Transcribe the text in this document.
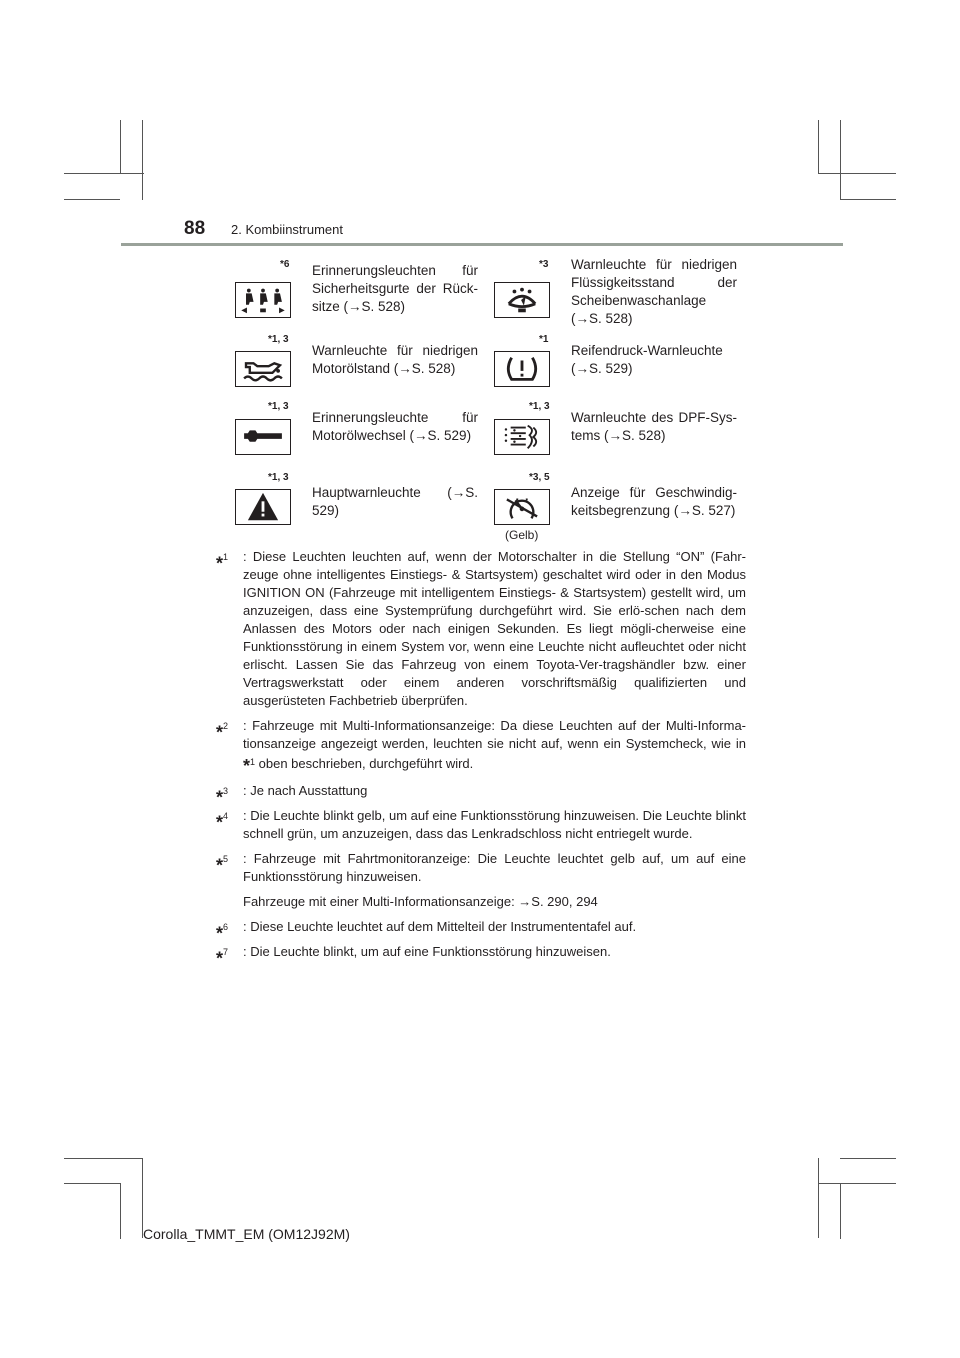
88 2. Kombiinstrument
*6 Erinnerungsleuchten für Sicherheitsgurte der Rück-sitze (→S. 528)
*3 Warnleuchte für niedrigen Flüssigkeitsstand der Scheibenwaschanlage (→S. 528)
*1, 3
Warnleuchte für niedrigen Motorölstand (→S. 528)
*1
Reifendruck-Warnleuchte (→S. 529)
*1, 3
Erinnerungsleuchte für Motorölwechsel (→S. 529)
*1, 3
Warnleuchte des DPF-Sys-tems (→S. 528)
*1, 3
Hauptwarnleuchte (→S. 529)
*3, 5
(Gelb)
Anzeige für Geschwindig-keitsbegrenzung (→S. 527)
*$^1$ : Diese Leuchten leuchten auf, wenn der Motorschalter in die Stellung “ON” (Fahr-zeuge ohne intelligentes Einstiegs- & Startsystem) geschaltet wird oder in den Modus IGNITION ON (Fahrzeuge mit intelligentem Einstiegs- & Startsystem) gestellt wird, um anzuzeigen, dass eine Systemprüfung durchgeführt wird. Sie erlö-schen nach dem Anlassen des Motors oder nach einigen Sekunden. Es liegt mögli-cherweise eine Funktionsstörung in einem System vor, wenn eine Leuchte nicht aufleuchtet oder nicht erlischt. Lassen Sie das Fahrzeug von einem Toyota-Ver-tragshändler bzw. einer Vertragswerkstatt oder einem anderen vorschriftsmäßig qualifizierten und ausgerüsteten Fachbetrieb überprüfen.
*$^2$ : Fahrzeuge mit Multi-Informationsanzeige: Da diese Leuchten auf der Multi-Informa-tionsanzeige angezeigt werden, leuchten sie nicht auf, wenn ein Systemcheck, wie in *$^1$ oben beschrieben, durchgeführt wird.
*$^3$ : Je nach Ausstattung
*$^4$ : Die Leuchte blinkt gelb, um auf eine Funktionsstörung hinzuweisen. Die Leuchte blinkt schnell grün, um anzuzeigen, dass das Lenkradschloss nicht entriegelt wurde.
*$^5$ : Fahrzeuge mit Fahrtmonitoranzeige: Die Leuchte leuchtet gelb auf, um auf eine Funktionsstörung hinzuweisen.
Fahrzeuge mit einer Multi-Informationsanzeige: →S. 290, 294
*$^6$ : Diese Leuchte leuchtet auf dem Mittelteil der Instrumententafel auf.
*$^7$ : Die Leuchte blinkt, um auf eine Funktionsstörung hinzuweisen.
Corolla_TMMT_EM (OM12J92M)
